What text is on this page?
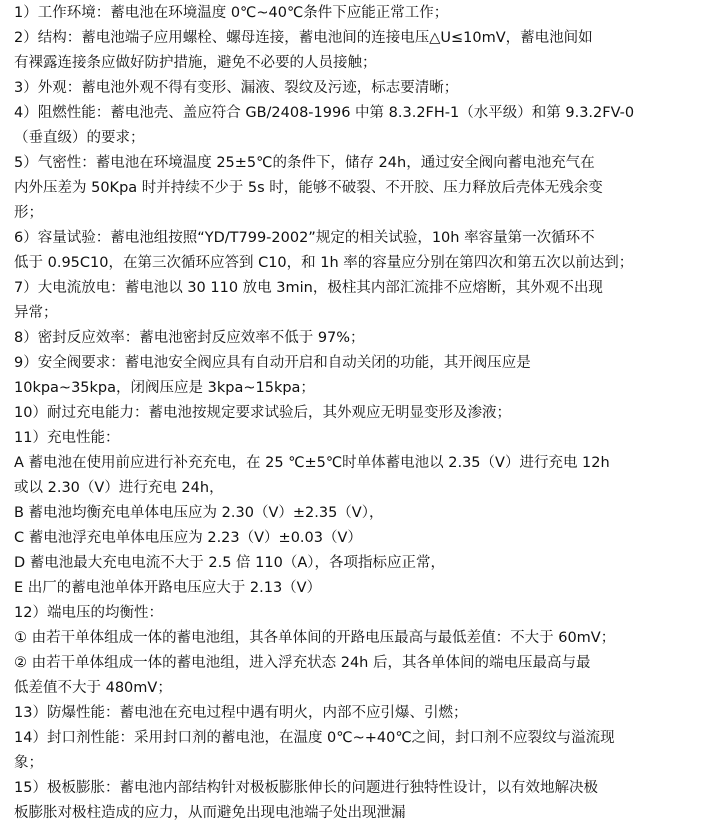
1）工作环境：蓄电池在环境温度 0℃~40℃条件下应能正常工作；
2）结构：蓄电池端子应用螺栓、螺母连接，蓄电池间的连接电压△U≤10mV，蓄电池间如
有裸露连接条应做好防护措施，避免不必要的人员接触；
3）外观：蓄电池外观不得有变形、漏液、裂纹及污迹，标志要清晰；
4）阻燃性能：蓄电池壳、盖应符合 GB/2408-1996 中第 8.3.2FH-1（水平级）和第 9.3.2FV-0
（垂直级）的要求；
5）气密性：蓄电池在环境温度 25±5℃的条件下，储存 24h，通过安全阀向蓄电池充气在
内外压差为 50Kpa 时并持续不少于 5s 时，能够不破裂、不开胶、压力释放后壳体无残余变
形；
6）容量试验：蓄电池组按照“YD/T799-2002”规定的相关试验，10h 率容量第一次循环不
低于 0.95C10，在第三次循环应答到 C10，和 1h 率的容量应分别在第四次和第五次以前达到；
7）大电流放电：蓄电池以 30 110 放电 3min，极柱其内部汇流排不应熔断，其外观不出现
异常；
8）密封反应效率：蓄电池密封反应效率不低于 97%；
9）安全阀要求：蓄电池安全阀应具有自动开启和自动关闭的功能，其开阀压应是
10kpa~35kpa，闭阀压应是 3kpa~15kpa；
10）耐过充电能力：蓄电池按规定要求试验后，其外观应无明显变形及渗液；
11）充电性能：
A 蓄电池在使用前应进行补充充电，在 25 ℃±5℃时单体蓄电池以 2.35（V）进行充电 12h
或以 2.30（V）进行充电 24h，
B 蓄电池均衡充电单体电压应为 2.30（V）±2.35（V），
C 蓄电池浮充电单体电压应为 2.23（V）±0.03（V）
D 蓄电池最大充电电流不大于 2.5 倍 110（A），各项指标应正常，
E 出厂的蓄电池单体开路电压应大于 2.13（V）
12）端电压的均衡性：
① 由若干单体组成一体的蓄电池组，其各单体间的开路电压最高与最低差值：不大于 60mV；
② 由若干单体组成一体的蓄电池组，进入浮充状态 24h 后，其各单体间的端电压最高与最
低差值不大于 480mV；
13）防爆性能：蓄电池在充电过程中遇有明火，内部不应引爆、引燃；
14）封口剂性能：采用封口剂的蓄电池，在温度 0℃~+40℃之间，封口剂不应裂纹与溢流现
象；
15）极板膨胀：蓄电池内部结构针对极板膨胀伸长的问题进行独特性设计，以有效地解决极
板膨胀对极柱造成的应力，从而避免出现电池端子处出现泄漏
